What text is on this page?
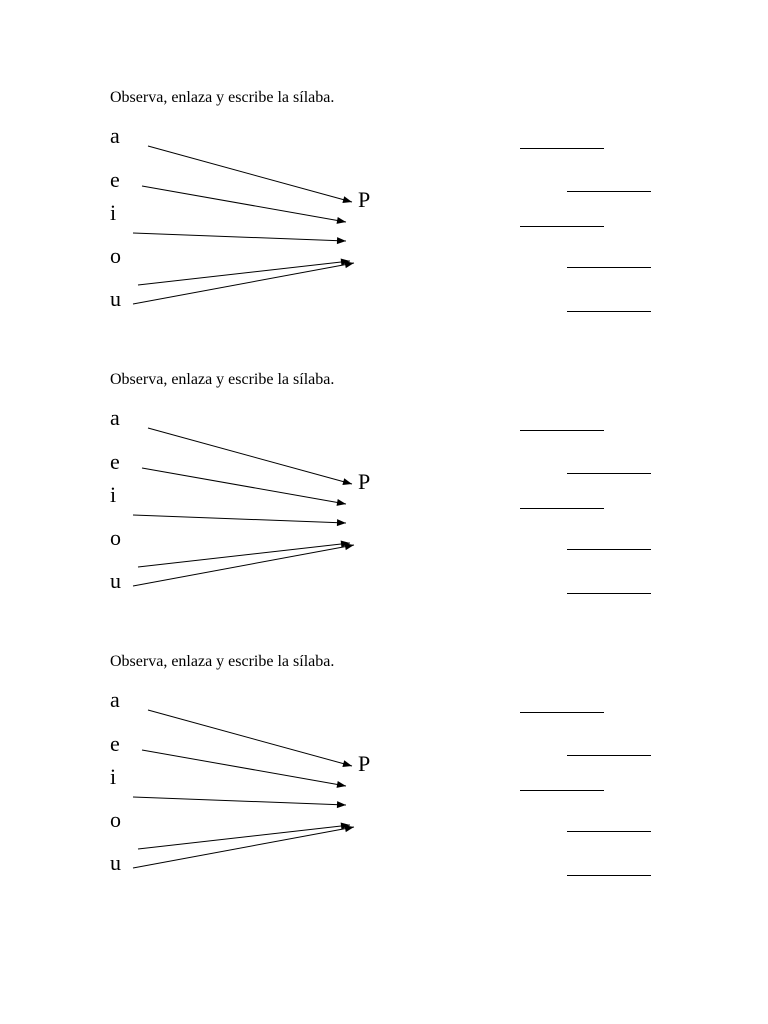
Observa, enlaza y escribe la sílaba.
a
e
i
o
u
P
Observa, enlaza y escribe la sílaba.
a
e
i
o
u
P
Observa, enlaza y escribe la sílaba.
a
e
i
o
u
P
